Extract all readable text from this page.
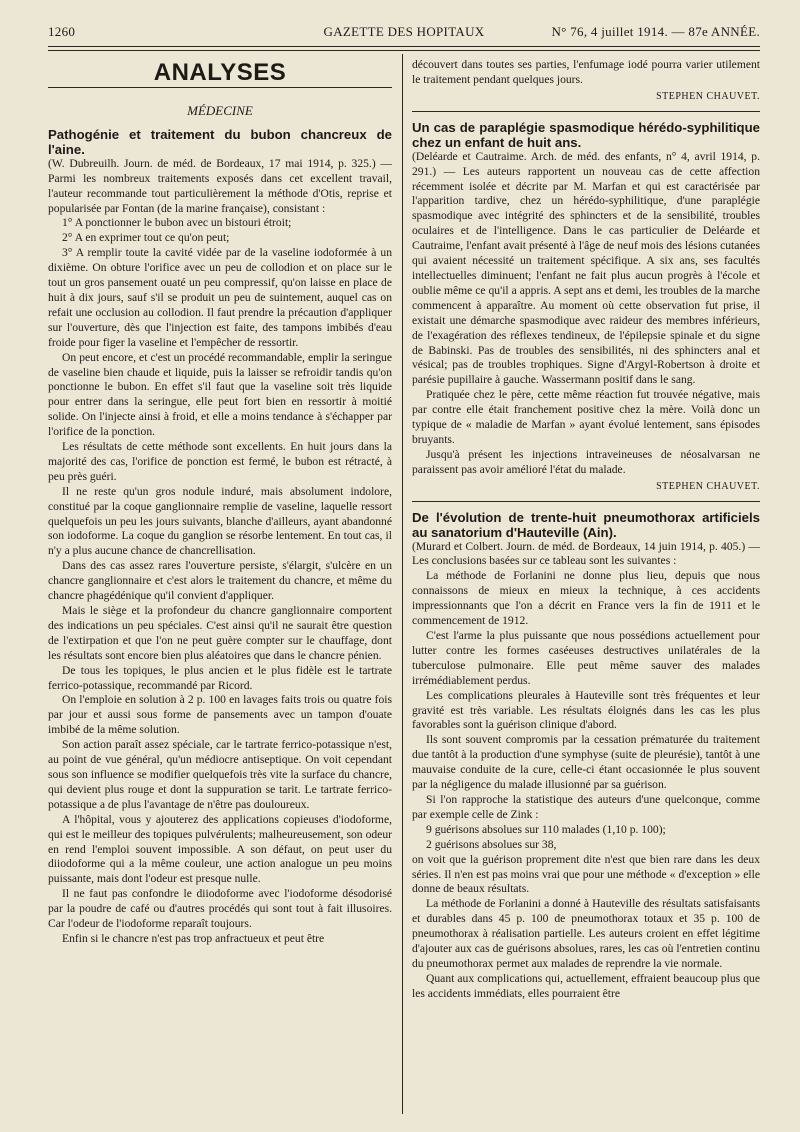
1260	GAZETTE DES HOPITAUX	N° 76, 4 juillet 1914. — 87e ANNÉE.
ANALYSES
MÉDECINE
Pathogénie et traitement du bubon chancreux de l'aine.

(W. Dubreuilh. Journ. de méd. de Bordeaux, 17 mai 1914, p. 325.) — Parmi les nombreux traitements exposés dans cet excellent travail, l'auteur recommande tout particulièrement la méthode d'Otis, reprise et popularisée par Fontan (de la marine française), consistant :

1° A ponctionner le bubon avec un bistouri étroit;

2° A en exprimer tout ce qu'on peut;

3° A remplir toute la cavité vidée par de la vaseline iodoformée à un dixième. On obture l'orifice avec un peu de collodion et on place sur le tout un gros pansement ouaté un peu compressif, qu'on laisse en place de huit à dix jours, sauf s'il se produit un peu de suintement, auquel cas on refait une occlusion au collodion. Il faut prendre la précaution d'appliquer sur l'ouverture, dès que l'injection est faite, des tampons imbibés d'eau froide pour figer la vaseline et l'empêcher de ressortir.

On peut encore, et c'est un procédé recommandable, emplir la seringue de vaseline bien chaude et liquide, puis la laisser se refroidir tandis qu'on ponctionne le bubon. En effet s'il faut que la vaseline soit très liquide pour entrer dans la seringue, elle peut fort bien en ressortir à moitié solide. On l'injecte ainsi à froid, et elle a moins tendance à s'échapper par l'orifice de la ponction.

Les résultats de cette méthode sont excellents. En huit jours dans la majorité des cas, l'orifice de ponction est fermé, le bubon est rétracté, à peu près guéri.

Il ne reste qu'un gros nodule induré, mais absolument indolore, constitué par la coque ganglionnaire remplie de vaseline, laquelle ressort quelquefois un peu les jours suivants, blanche d'ailleurs, ayant abandonné son iodoforme. La coque du ganglion se résorbe lentement. En tout cas, il n'y a plus aucune chance de chancrellisation.

Dans des cas assez rares l'ouverture persiste, s'élargit, s'ulcère en un chancre ganglionnaire et c'est alors le traitement du chancre, et même du chancre phagédénique qu'il convient d'appliquer.

Mais le siège et la profondeur du chancre ganglionnaire comportent des indications un peu spéciales. C'est ainsi qu'il ne saurait être question de l'extirpation et que l'on ne peut guère compter sur le chauffage, dont les résultats sont encore bien plus aléatoires que dans le chancre pénien.

De tous les topiques, le plus ancien et le plus fidèle est le tartrate ferrico-potassique, recommandé par Ricord.

On l'emploie en solution à 2 p. 100 en lavages faits trois ou quatre fois par jour et aussi sous forme de pansements avec un tampon d'ouate imbibé de la même solution.

Son action paraît assez spéciale, car le tartrate ferrico-potassique n'est, au point de vue général, qu'un médiocre antiseptique. On voit cependant sous son influence se modifier quelquefois très vite la surface du chancre, qui devient plus rouge et dont la suppuration se tarit. Le tartrate ferrico-potassique a de plus l'avantage de n'être pas douloureux.

A l'hôpital, vous y ajouterez des applications copieuses d'iodoforme, qui est le meilleur des topiques pulvérulents; malheureusement, son odeur en rend l'emploi souvent impossible. A son défaut, on peut user du diiodoforme qui a la même couleur, une action analogue un peu moins puissante, mais dont l'odeur est presque nulle.

Il ne faut pas confondre le diiodoforme avec l'iodoforme désodorisé par la poudre de café ou d'autres procédés qui sont tout à fait illusoires. Car l'odeur de l'iodoforme reparaît toujours.

Enfin si le chancre n'est pas trop anfractueux et peut être

découvert dans toutes ses parties, l'enfumage iodé pourra varier utilement le traitement pendant quelques jours.

STEPHEN CHAUVET.
Un cas de paraplégie spasmodique hérédo-syphilitique chez un enfant de huit ans.

(Deléarde et Cautraime. Arch. de méd. des enfants, n° 4, avril 1914, p. 291.) — Les auteurs rapportent un nouveau cas de cette affection récemment isolée et décrite par M. Marfan et qui est caractérisée par l'apparition tardive, chez un hérédo-syphilitique, d'une paraplégie spasmodique avec intégrité des sphincters et de la sensibilité, troubles oculaires et de l'intelligence. Dans le cas particulier de Deléarde et Cautraime, l'enfant avait présenté à l'âge de neuf mois des lésions cutanées qui avaient nécessité un traitement spécifique. A six ans, ses facultés intellectuelles diminuent; l'enfant ne fait plus aucun progrès à l'école et oublie même ce qu'il a appris. A sept ans et demi, les troubles de la marche commencent à apparaître. Au moment où cette observation fut prise, il existait une démarche spasmodique avec raideur des membres inférieurs, de l'exagération des réflexes tendineux, de l'épilepsie spinale et du signe de Babinski. Pas de troubles des sensibilités, ni des sphincters anal et vésical; pas de troubles trophiques. Signe d'Argyl-Robertson à droite et parésie pupillaire à gauche. Wassermann positif dans le sang.

Pratiquée chez le père, cette même réaction fut trouvée négative, mais par contre elle était franchement positive chez la mère. Voilà donc un typique de « maladie de Marfan » ayant évolué lentement, sans épisodes bruyants.

Jusqu'à présent les injections intraveineuses de néosalvarsan ne paraissent pas avoir amélioré l'état du malade.

STEPHEN CHAUVET.
De l'évolution de trente-huit pneumothorax artificiels au sanatorium d'Hauteville (Ain).

(Murard et Colbert. Journ. de méd. de Bordeaux, 14 juin 1914, p. 405.) — Les conclusions basées sur ce tableau sont les suivantes :

La méthode de Forlanini ne donne plus lieu, depuis que nous connaissons de mieux en mieux la technique, à ces accidents impressionnants que l'on a décrit en France vers la fin de 1911 et le commencement de 1912.

C'est l'arme la plus puissante que nous possédions actuellement pour lutter contre les formes caséeuses destructives unilatérales de la tuberculose pulmonaire. Elle peut même sauver des malades irrémédiablement perdus.

Les complications pleurales à Hauteville sont très fréquentes et leur gravité est très variable. Les résultats éloignés dans les cas les plus favorables sont la guérison clinique d'abord.

Ils sont souvent compromis par la cessation prématurée du traitement due tantôt à la production d'une symphyse (suite de pleurésie), tantôt à une mauvaise conduite de la cure, celle-ci étant occasionnée le plus souvent par la négligence du malade illusionné par sa guérison.

Si l'on rapproche la statistique des auteurs d'une quelconque, comme par exemple celle de Zink :

9 guérisons absolues sur 110 malades (1,10 p. 100);

2 guérisons absolues sur 38,

on voit que la guérison proprement dite n'est que bien rare dans les deux séries. Il n'en est pas moins vrai que pour une méthode « d'exception » elle donne de beaux résultats.

La méthode de Forlanini a donné à Hauteville des résultats satisfaisants et durables dans 45 p. 100 de pneumothorax totaux et 35 p. 100 de pneumothorax à réalisation partielle. Les auteurs croient en effet légitime d'ajouter aux cas de guérisons absolues, rares, les cas où l'entretien continu du pneumothorax permet aux malades de reprendre la vie normale.

Quant aux complications qui, actuellement, effraient beaucoup plus que les accidents immédiats, elles pourraient être
